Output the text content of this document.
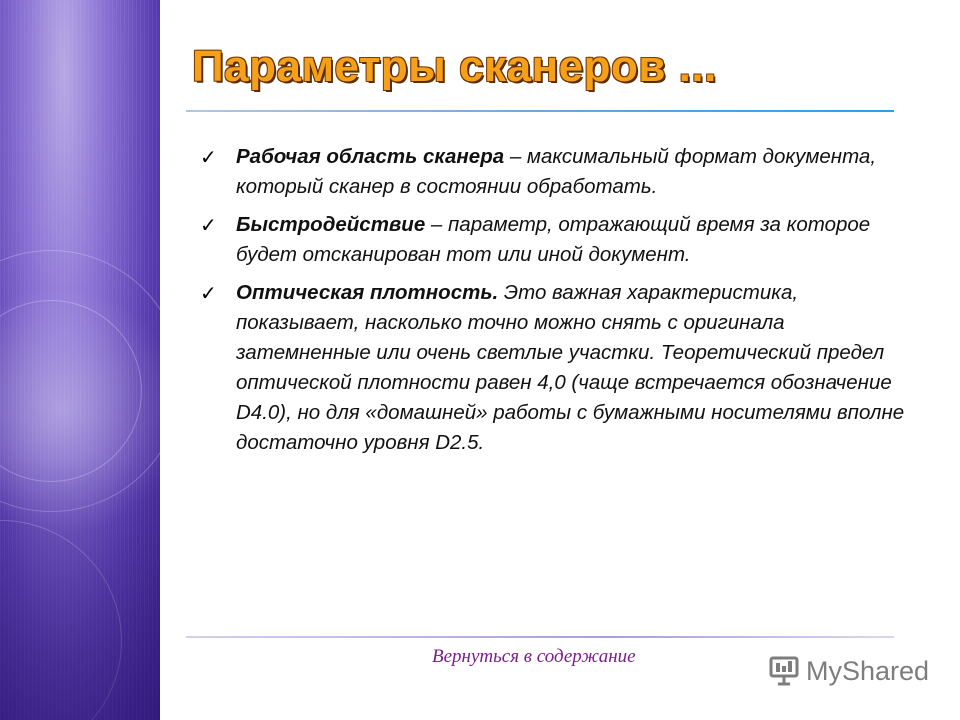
Параметры сканеров ...
✓ Рабочая область сканера – максимальный формат документа, который сканер в состоянии обработать.
✓ Быстродействие – параметр, отражающий время за которое будет отсканирован тот или иной документ.
✓ Оптическая плотность. Это важная характеристика, показывает, насколько точно можно снять с оригинала затемненные или очень светлые участки. Теоретический предел оптической плотности равен 4,0 (чаще встречается обозначение D4.0), но для «домашней» работы с бумажными носителями вполне достаточно уровня D2.5.
Вернуться в содержание	MyShared
